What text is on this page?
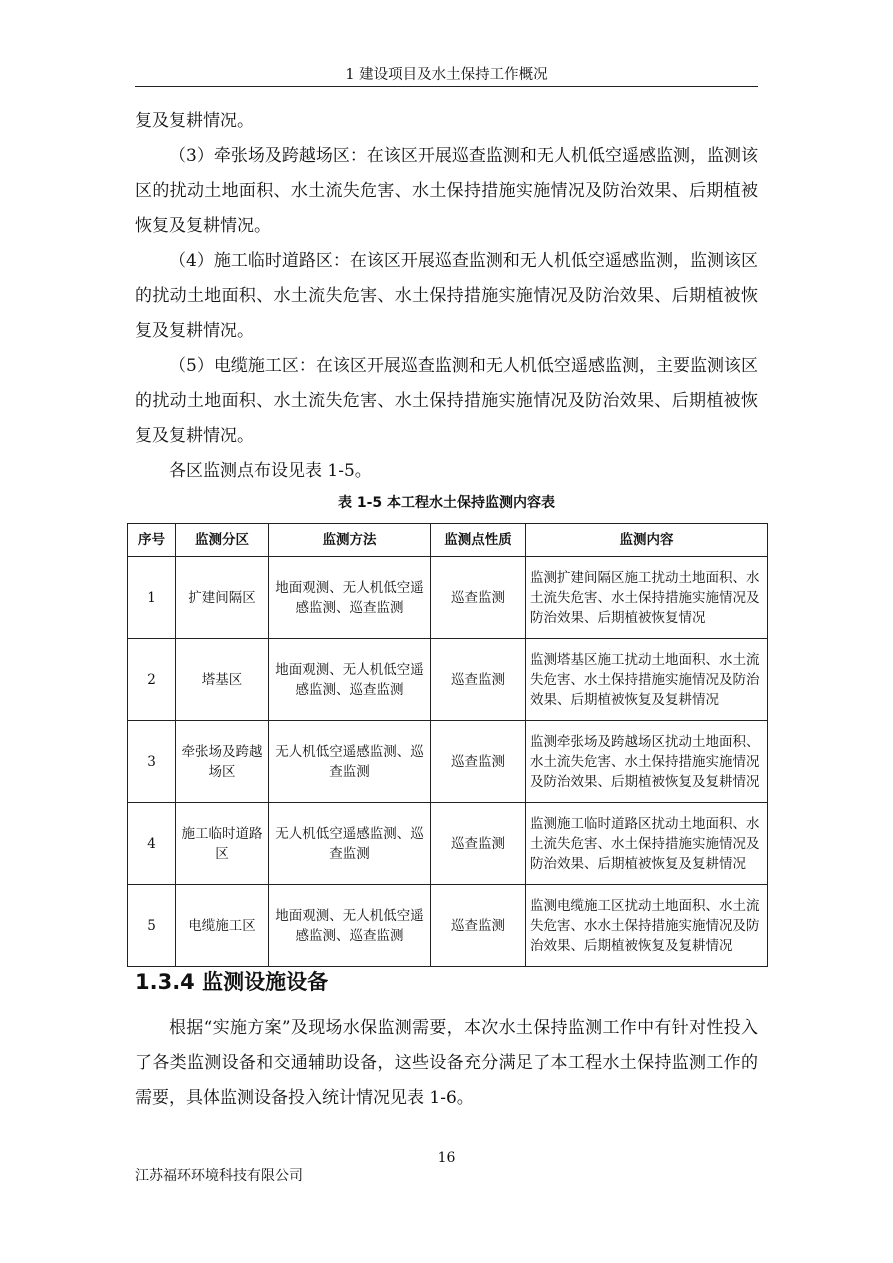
1 建设项目及水土保持工作概况

复及复耕情况。

（3）牵张场及跨越场区：在该区开展巡查监测和无人机低空遥感监测，监测该区的扰动土地面积、水土流失危害、水土保持措施实施情况及防治效果、后期植被恢复及复耕情况。

（4）施工临时道路区：在该区开展巡查监测和无人机低空遥感监测，监测该区的扰动土地面积、水土流失危害、水土保持措施实施情况及防治效果、后期植被恢复及复耕情况。

（5）电缆施工区：在该区开展巡查监测和无人机低空遥感监测，主要监测该区的扰动土地面积、水土流失危害、水土保持措施实施情况及防治效果、后期植被恢复及复耕情况。

各区监测点布设见表 1-5。

表 1-5 本工程水土保持监测内容表
序号	监测分区	监测方法	监测点性质	监测内容
1	扩建间隔区	地面观测、无人机低空遥感监测、巡查监测	巡查监测	监测扩建间隔区施工扰动土地面积、水土流失危害、水土保持措施实施情况及防治效果、后期植被恢复情况
2	塔基区	地面观测、无人机低空遥感监测、巡查监测	巡查监测	监测塔基区施工扰动土地面积、水土流失危害、水土保持措施实施情况及防治效果、后期植被恢复及复耕情况
3	牵张场及跨越场区	无人机低空遥感监测、巡查监测	巡查监测	监测牵张场及跨越场区扰动土地面积、水土流失危害、水土保持措施实施情况及防治效果、后期植被恢复及复耕情况
4	施工临时道路区	无人机低空遥感监测、巡查监测	巡查监测	监测施工临时道路区扰动土地面积、水土流失危害、水土保持措施实施情况及防治效果、后期植被恢复及复耕情况
5	电缆施工区	地面观测、无人机低空遥感监测、巡查监测	巡查监测	监测电缆施工区扰动土地面积、水土流失危害、水水土保持措施实施情况及防治效果、后期植被恢复及复耕情况
1.3.4 监测设施设备

根据“实施方案”及现场水保监测需要，本次水土保持监测工作中有针对性投入了各类监测设备和交通辅助设备，这些设备充分满足了本工程水土保持监测工作的需要，具体监测设备投入统计情况见表 1-6。

16
江苏福环环境科技有限公司
